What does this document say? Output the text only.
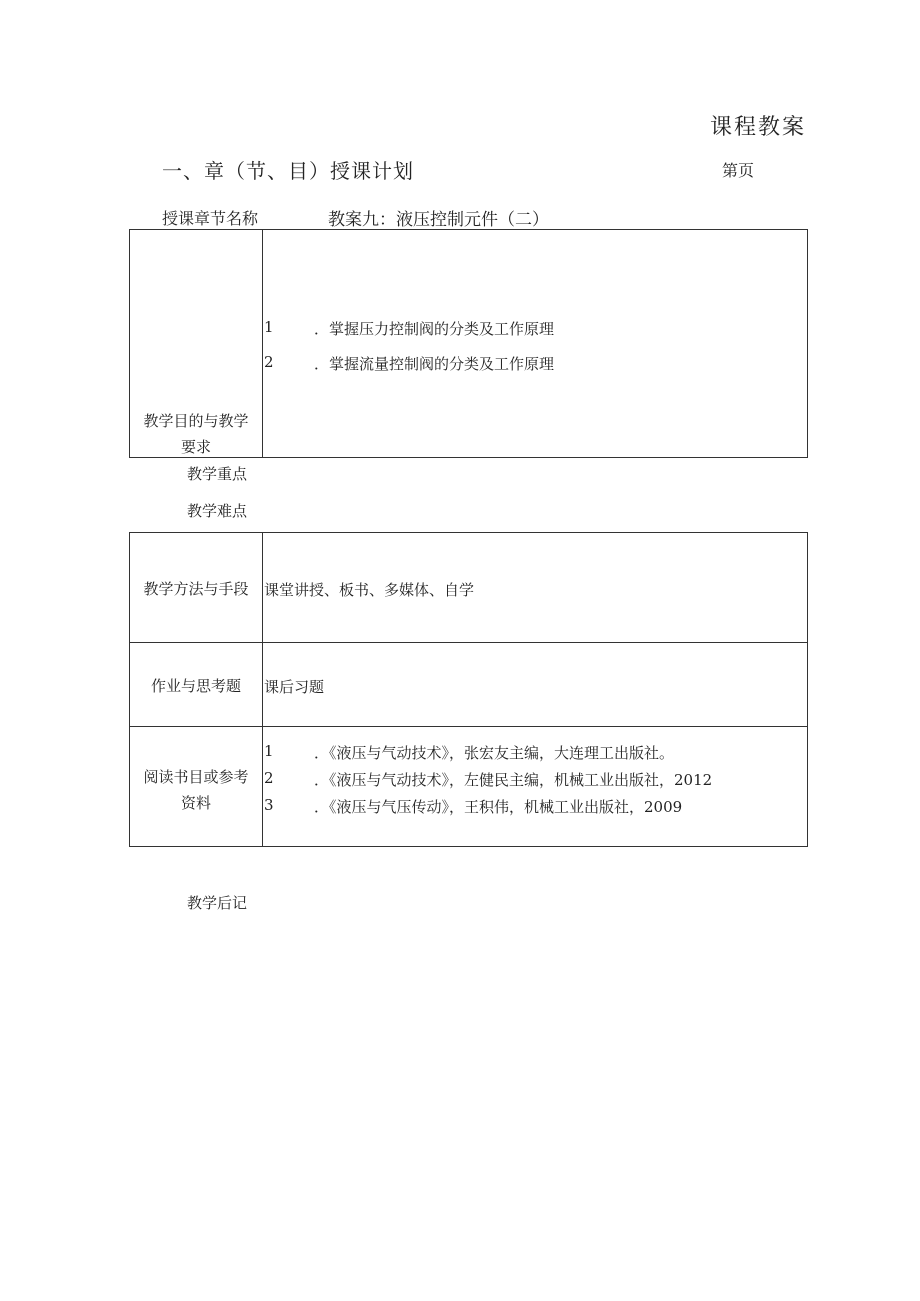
课程教案
一、章（节、目）授课计划	第页
授课章节名称	教案九：液压控制元件（二）
教学目的与教学
要求
1	．掌握压力控制阀的分类及工作原理
2	．掌握流量控制阀的分类及工作原理
教学重点
教学难点
教学方法与手段	课堂讲授、板书、多媒体、自学
作业与思考题	课后习题
阅读书目或参考
资料
1	．《液压与气动技术》，张宏友主编，大连理工出版社。
2	．《液压与气动技术》，左健民主编，机械工业出版社，2012
3	．《液压与气压传动》，王积伟，机械工业出版社，2009
教学后记
